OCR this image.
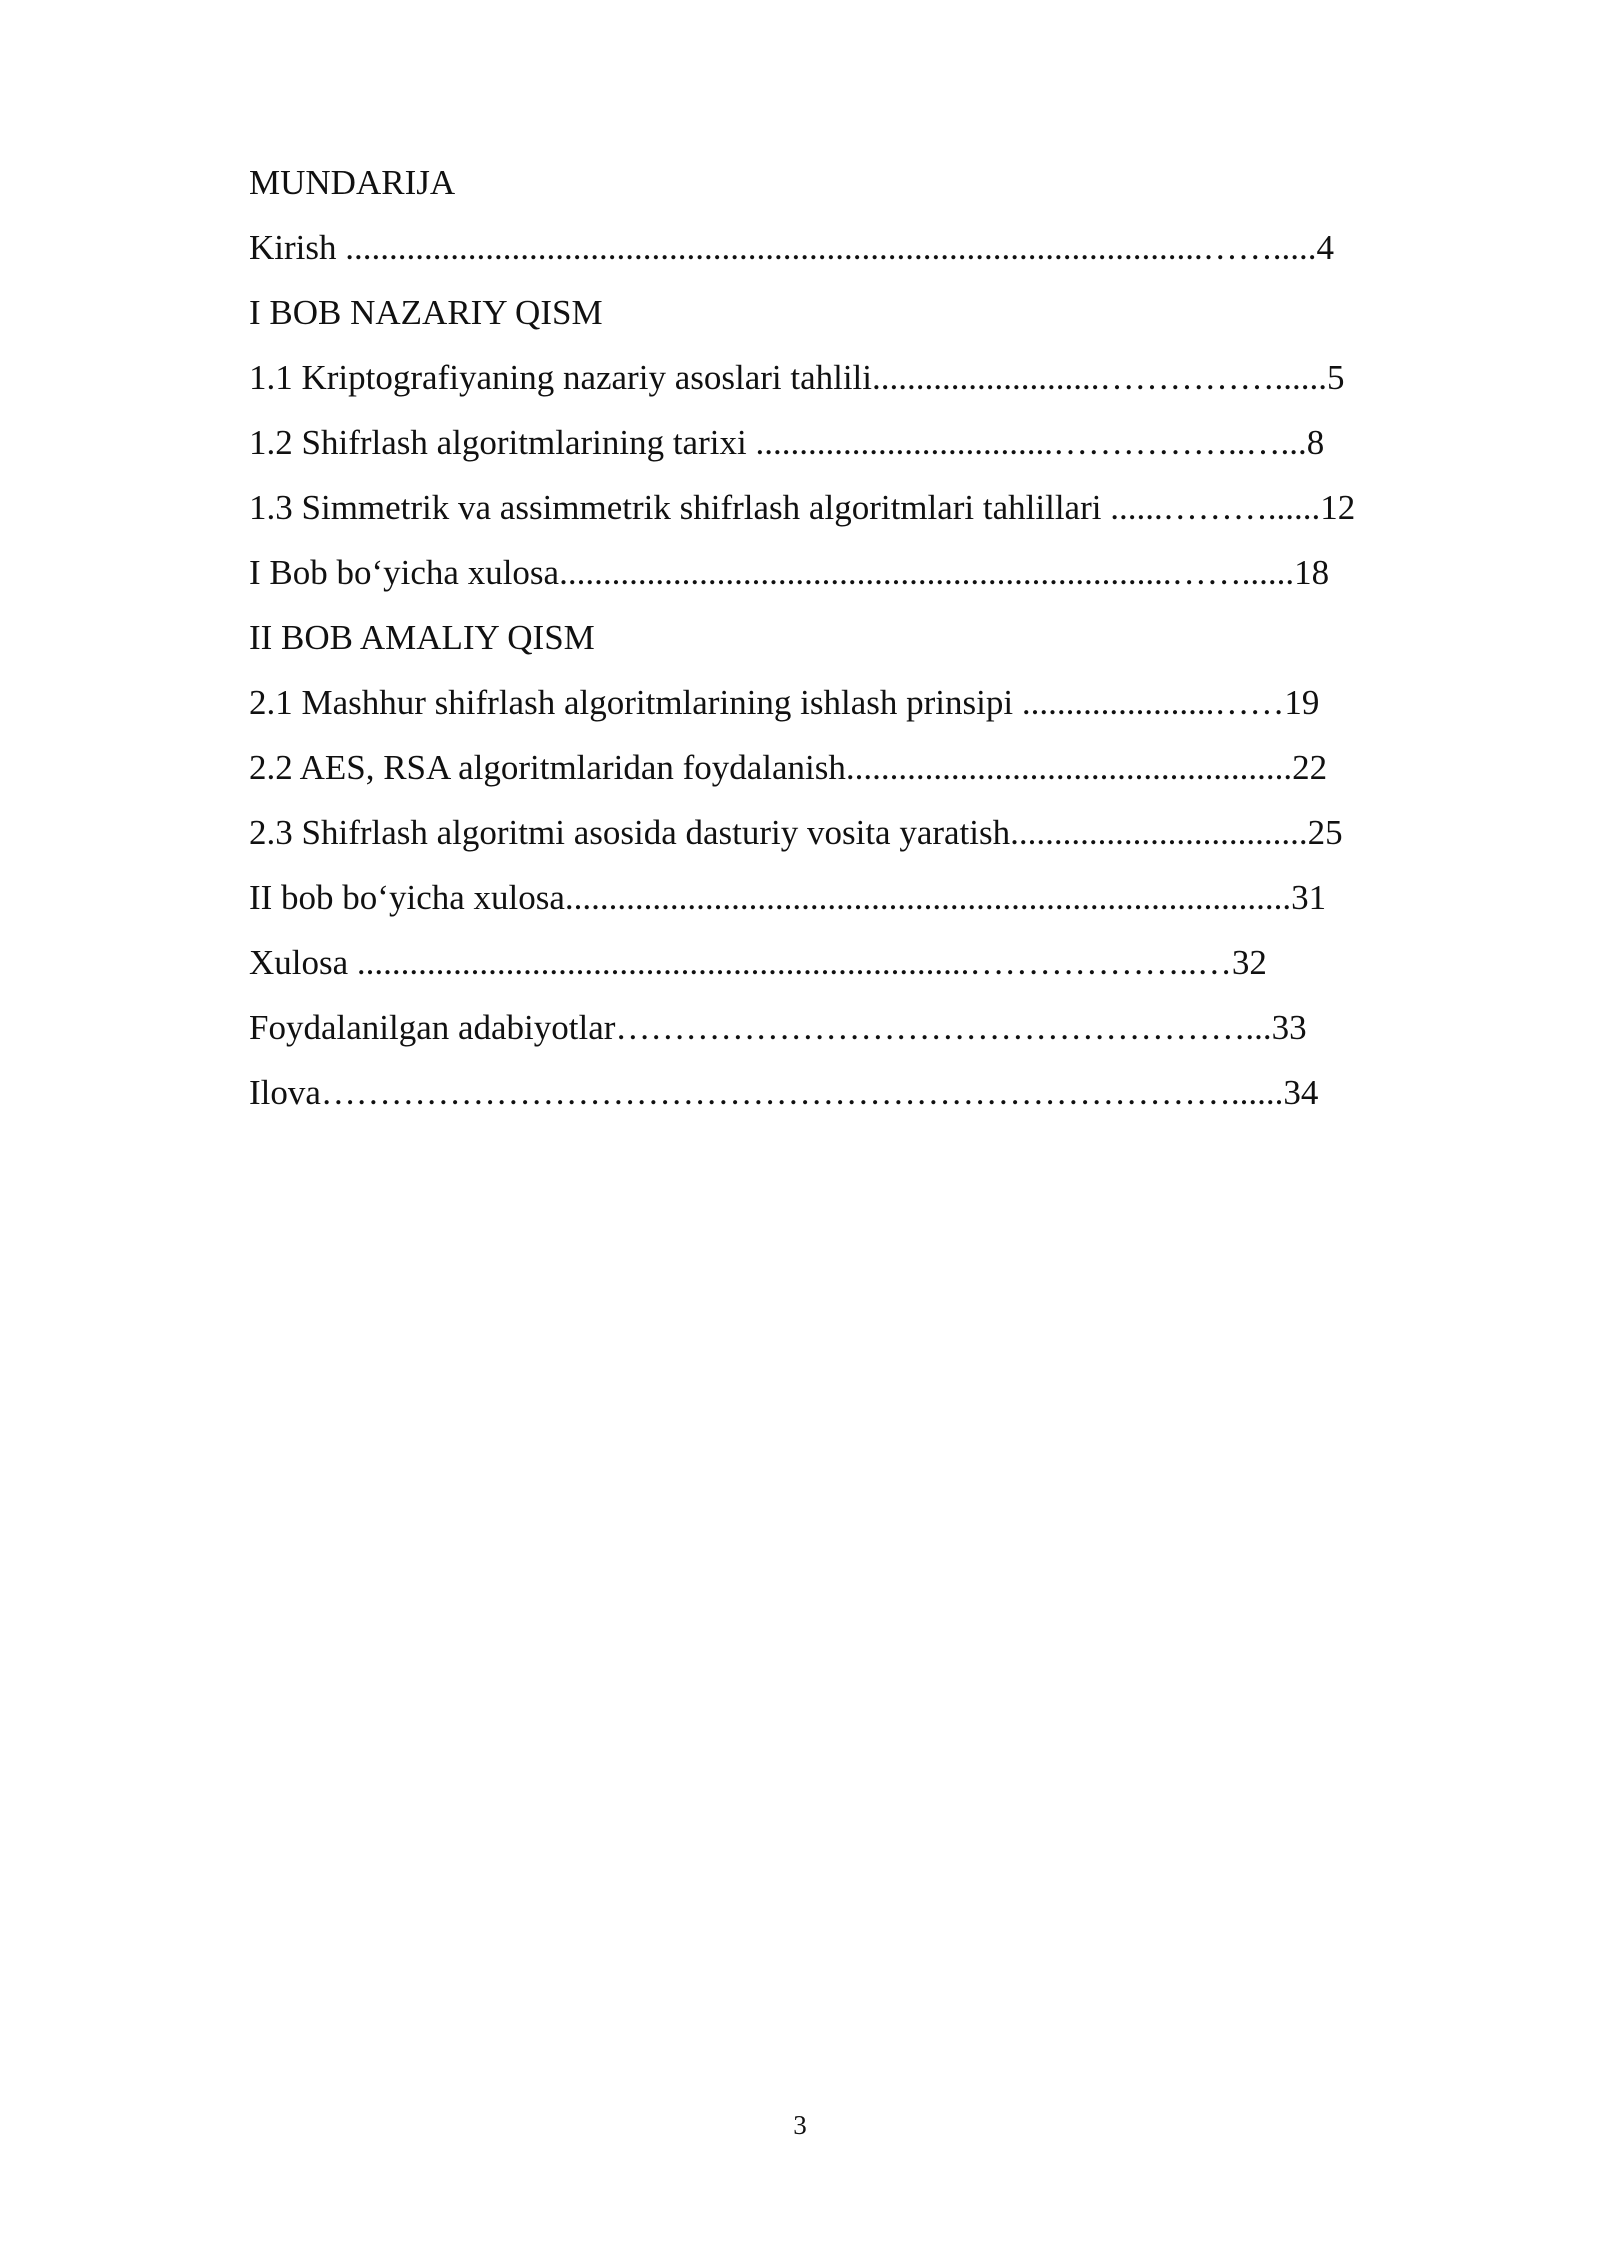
MUNDARIJA
Kirish ..................................................................................................…….....4
I BOB NAZARIY QISM
1.1 Kriptografiyaning nazariy asoslari tahlili..........................……………......5
1.2 Shifrlash algoritmlarining tarixi ..................................……………..…...8
1.3 Simmetrik va assimmetrik shifrlash algoritmlari tahlillari ......………......12
I Bob bo‘yicha xulosa......................................................................……......18
II BOB AMALIY QISM
2.1 Mashhur shifrlash algoritmlarining ishlash prinsipi ......................……19
2.2 AES, RSA algoritmlaridan foydalanish...................................................22
2.3 Shifrlash algoritmi asosida dasturiy vosita yaratish..................................25
II bob bo‘yicha xulosa...................................................................................31
Xulosa ......................................................................………………..…32
Foydalanilgan adabiyotlar………………………………………………...33
Ilova……………………………………………………………………......34
3
